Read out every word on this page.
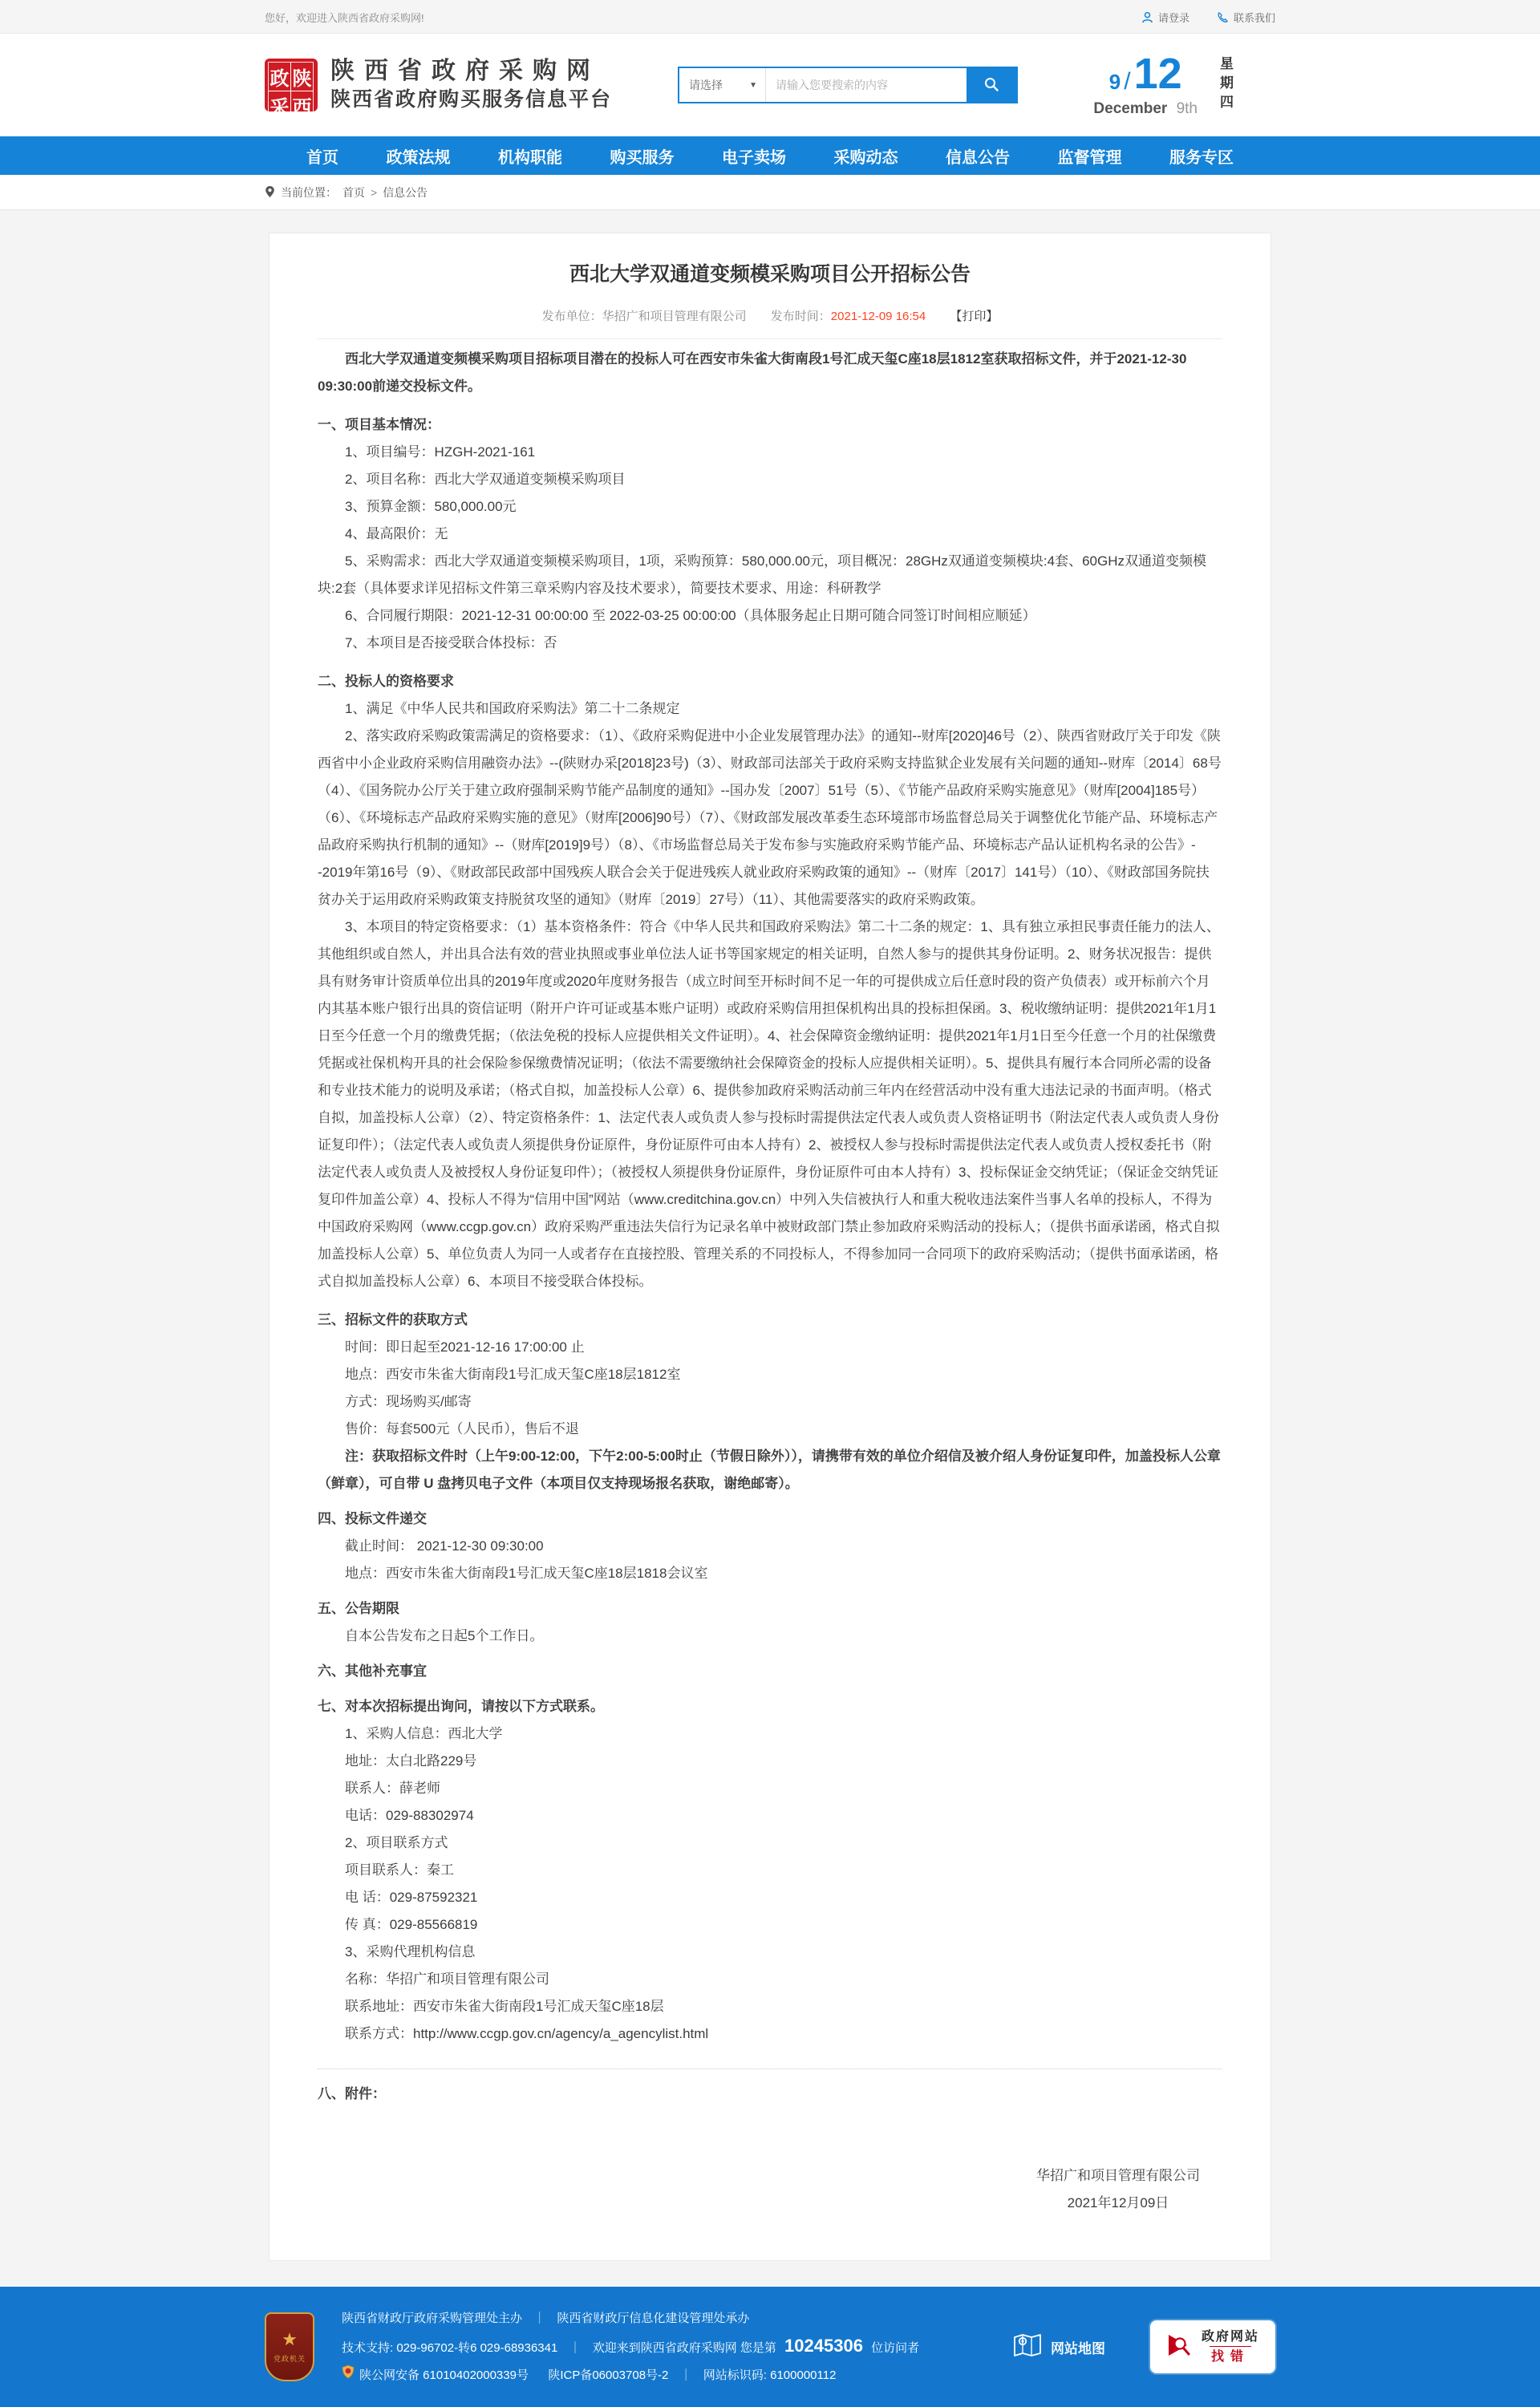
您好，欢迎进入陕西省政府采购网!	请登录	联系我们
政 陕
采 西
陕西省政府采购网
陕西省政府购买服务信息平台
请选择	▼
请输入您要搜索的内容	9 / 12
December 9th 星期四
首页	政策法规	机构职能	购买服务	电子卖场	采购动态	信息公告	监督管理	服务专区
当前位置： 首页 > 信息公告
西北大学双通道变频模采购项目公开招标公告
发布单位：华招广和项目管理有限公司 发布时间：2021-12-09 16:54 【打印】
西北大学双通道变频模采购项目招标项目潜在的投标人可在西安市朱雀大街南段1号汇成天玺C座18层1812室获取招标文件，并于2021-12-30 09:30:00前递交投标文件。
一、项目基本情况：
1、项目编号：HZGH-2021-161
2、项目名称：西北大学双通道变频模采购项目
3、预算金额：580,000.00元
4、最高限价：无
5、采购需求：西北大学双通道变频模采购项目，1项，采购预算：580,000.00元，项目概况：28GHz双通道变频模块:4套、60GHz双通道变频模块:2套（具体要求详见招标文件第三章采购内容及技术要求），简要技术要求、用途：科研教学
6、合同履行期限：2021-12-31 00:00:00 至 2022-03-25 00:00:00（具体服务起止日期可随合同签订时间相应顺延）
7、本项目是否接受联合体投标：否
二、投标人的资格要求
1、满足《中华人民共和国政府采购法》第二十二条规定
2、落实政府采购政策需满足的资格要求：（1）、《政府采购促进中小企业发展管理办法》的通知--财库[2020]46号（2）、陕西省财政厅关于印发《陕西省中小企业政府采购信用融资办法》--(陕财办采[2018]23号)（3）、财政部司法部关于政府采购支持监狱企业发展有关问题的通知--财库〔2014〕68号（4）、《国务院办公厅关于建立政府强制采购节能产品制度的通知》--国办发〔2007〕51号（5）、《节能产品政府采购实施意见》（财库[2004]185号）（6）、《环境标志产品政府采购实施的意见》（财库[2006]90号）（7）、《财政部发展改革委生态环境部市场监督总局关于调整优化节能产品、环境标志产品政府采购执行机制的通知》--（财库[2019]9号）（8）、《市场监督总局关于发布参与实施政府采购节能产品、环境标志产品认证机构名录的公告》--2019年第16号（9）、《财政部民政部中国残疾人联合会关于促进残疾人就业政府采购政策的通知》--（财库〔2017〕141号）（10）、《财政部国务院扶贫办关于运用政府采购政策支持脱贫攻坚的通知》（财库〔2019〕27号）（11）、其他需要落实的政府采购政策。
3、本项目的特定资格要求：（1）基本资格条件：符合《中华人民共和国政府采购法》第二十二条的规定：1、具有独立承担民事责任能力的法人、其他组织或自然人，并出具合法有效的营业执照或事业单位法人证书等国家规定的相关证明，自然人参与的提供其身份证明。2、财务状况报告：提供具有财务审计资质单位出具的2019年度或2020年度财务报告（成立时间至开标时间不足一年的可提供成立后任意时段的资产负债表）或开标前六个月内其基本账户银行出具的资信证明（附开户许可证或基本账户证明）或政府采购信用担保机构出具的投标担保函。3、税收缴纳证明：提供2021年1月1日至今任意一个月的缴费凭据；（依法免税的投标人应提供相关文件证明）。4、社会保障资金缴纳证明：提供2021年1月1日至今任意一个月的社保缴费凭据或社保机构开具的社会保险参保缴费情况证明；（依法不需要缴纳社会保障资金的投标人应提供相关证明）。5、提供具有履行本合同所必需的设备和专业技术能力的说明及承诺；（格式自拟，加盖投标人公章）6、提供参加政府采购活动前三年内在经营活动中没有重大违法记录的书面声明。（格式自拟，加盖投标人公章）（2）、特定资格条件：1、法定代表人或负责人参与投标时需提供法定代表人或负责人资格证明书（附法定代表人或负责人身份证复印件）；（法定代表人或负责人须提供身份证原件，身份证原件可由本人持有）2、被授权人参与投标时需提供法定代表人或负责人授权委托书（附法定代表人或负责人及被授权人身份证复印件）；（被授权人须提供身份证原件，身份证原件可由本人持有）3、投标保证金交纳凭证；（保证金交纳凭证复印件加盖公章）4、投标人不得为“信用中国”网站（www.creditchina.gov.cn）中列入失信被执行人和重大税收违法案件当事人名单的投标人，不得为中国政府采购网（www.ccgp.gov.cn）政府采购严重违法失信行为记录名单中被财政部门禁止参加政府采购活动的投标人；（提供书面承诺函，格式自拟加盖投标人公章）5、单位负责人为同一人或者存在直接控股、管理关系的不同投标人，不得参加同一合同项下的政府采购活动；（提供书面承诺函，格式自拟加盖投标人公章）6、本项目不接受联合体投标。
三、招标文件的获取方式
时间：即日起至2021-12-16 17:00:00 止
地点：西安市朱雀大街南段1号汇成天玺C座18层1812室
方式：现场购买/邮寄
售价：每套500元（人民币），售后不退
注：获取招标文件时（上午9:00-12:00，下午2:00-5:00时止（节假日除外）），请携带有效的单位介绍信及被介绍人身份证复印件，加盖投标人公章（鲜章），可自带 U 盘拷贝电子文件（本项目仅支持现场报名获取，谢绝邮寄）。
四、投标文件递交
截止时间： 2021-12-30 09:30:00
地点：西安市朱雀大街南段1号汇成天玺C座18层1818会议室
五、公告期限
自本公告发布之日起5个工作日。
六、其他补充事宜
七、对本次招标提出询问，请按以下方式联系。
1、采购人信息：西北大学
地址：太白北路229号
联系人：薛老师
电话：029-88302974
2、项目联系方式
项目联系人：秦工
电 话：029-87592321
传 真：029-85566819
3、采购代理机构信息
名称：华招广和项目管理有限公司
联系地址：西安市朱雀大街南段1号汇成天玺C座18层
联系方式：http://www.ccgp.gov.cn/agency/a_agencylist.html
八、附件：
华招广和项目管理有限公司
2021年12月09日
★
党政机关
陕西省财政厅政府采购管理处主办 ｜ 陕西省财政厅信息化建设管理处承办
技术支持: 029-96702-转6 029-68936341 ｜ 欢迎来到陕西省政府采购网 您是第 10245306 位访问者
陕公网安备 61010402000339号 陕ICP备06003708号-2 ｜ 网站标识码: 6100000112
网站地图
政府网站
找错
